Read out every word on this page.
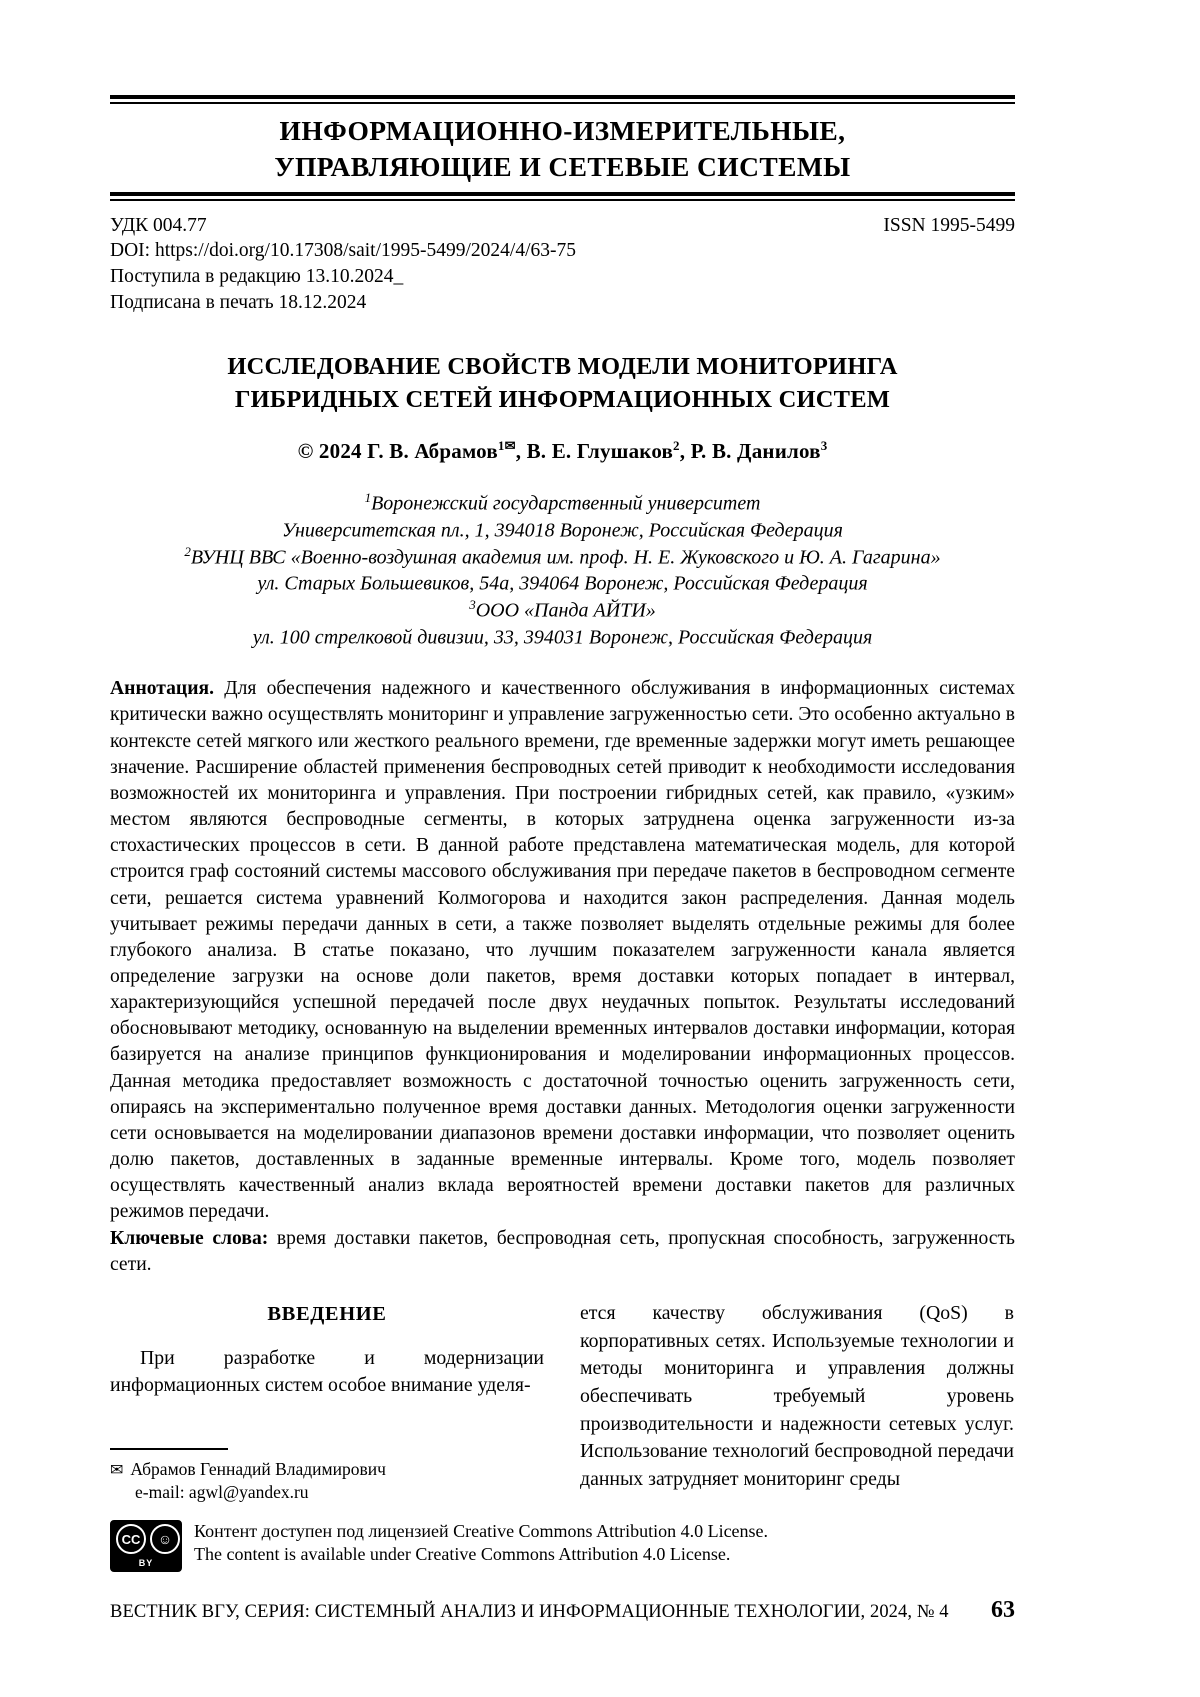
ИНФОРМАЦИОННО-ИЗМЕРИТЕЛЬНЫЕ,
УПРАВЛЯЮЩИЕ И СЕТЕВЫЕ СИСТЕМЫ
ISSN 1995-5499
УДК 004.77
DOI: https://doi.org/10.17308/sait/1995-5499/2024/4/63-75
Поступила в редакцию 13.10.2024_
Подписана в печать 18.12.2024
ИССЛЕДОВАНИЕ СВОЙСТВ МОДЕЛИ МОНИТОРИНГА
ГИБРИДНЫХ СЕТЕЙ ИНФОРМАЦИОННЫХ СИСТЕМ
© 2024 Г. В. Абрамов$^{1✉}$, В. Е. Глушаков$^2$, Р. В. Данилов$^3$
$^1$Воронежский государственный университет
Университетская пл., 1, 394018 Воронеж, Российская Федерация
$^2$ВУНЦ ВВС «Военно-воздушная академия им. проф. Н. Е. Жуковского и Ю. А. Гагарина»
ул. Старых Большевиков, 54а, 394064 Воронеж, Российская Федерация
$^3$ООО «Панда АЙТИ»
ул. 100 стрелковой дивизии, 33, 394031 Воронеж, Российская Федерация
Аннотация. Для обеспечения надежного и качественного обслуживания в информационных системах критически важно осуществлять мониторинг и управление загруженностью сети. Это особенно актуально в контексте сетей мягкого или жесткого реального времени, где временные задержки могут иметь решающее значение. Расширение областей применения беспроводных сетей приводит к необходимости исследования возможностей их мониторинга и управления. При построении гибридных сетей, как правило, «узким» местом являются беспроводные сегменты, в которых затруднена оценка загруженности из-за стохастических процессов в сети. В данной работе представлена математическая модель, для которой строится граф состояний системы массового обслуживания при передаче пакетов в беспроводном сегменте сети, решается система уравнений Колмогорова и находится закон распределения. Данная модель учитывает режимы передачи данных в сети, а также позволяет выделять отдельные режимы для более глубокого анализа. В статье показано, что лучшим показателем загруженности канала является определение загрузки на основе доли пакетов, время доставки которых попадает в интервал, характеризующийся успешной передачей после двух неудачных попыток. Результаты исследований обосновывают методику, основанную на выделении временных интервалов доставки информации, которая базируется на анализе принципов функционирования и моделировании информационных процессов. Данная методика предоставляет возможность с достаточной точностью оценить загруженность сети, опираясь на экспериментально полученное время доставки данных. Методология оценки загруженности сети основывается на моделировании диапазонов времени доставки информации, что позволяет оценить долю пакетов, доставленных в заданные временные интервалы. Кроме того, модель позволяет осуществлять качественный анализ вклада вероятностей времени доставки пакетов для различных режимов передачи.
Ключевые слова: время доставки пакетов, беспроводная сеть, пропускная способность, загруженность сети.
ВВЕДЕНИЕ
При разработке и модернизации информационных систем особое внимание уделя-
ется качеству обслуживания (QoS) в корпоративных сетях. Используемые технологии и методы мониторинга и управления должны обеспечивать требуемый уровень производительности и надежности сетевых услуг. Использование технологий беспроводной передачи данных затрудняет мониторинг среды
✉ Абрамов Геннадий Владимирович
e-mail: agwl@yandex.ru
CC	☺
BY
Контент доступен под лицензией Creative Commons Attribution 4.0 License.
The content is available under Creative Commons Attribution 4.0 License.
ВЕСТНИК ВГУ, СЕРИЯ: СИСТЕМНЫЙ АНАЛИЗ И ИНФОРМАЦИОННЫЕ ТЕХНОЛОГИИ, 2024, № 4	63
